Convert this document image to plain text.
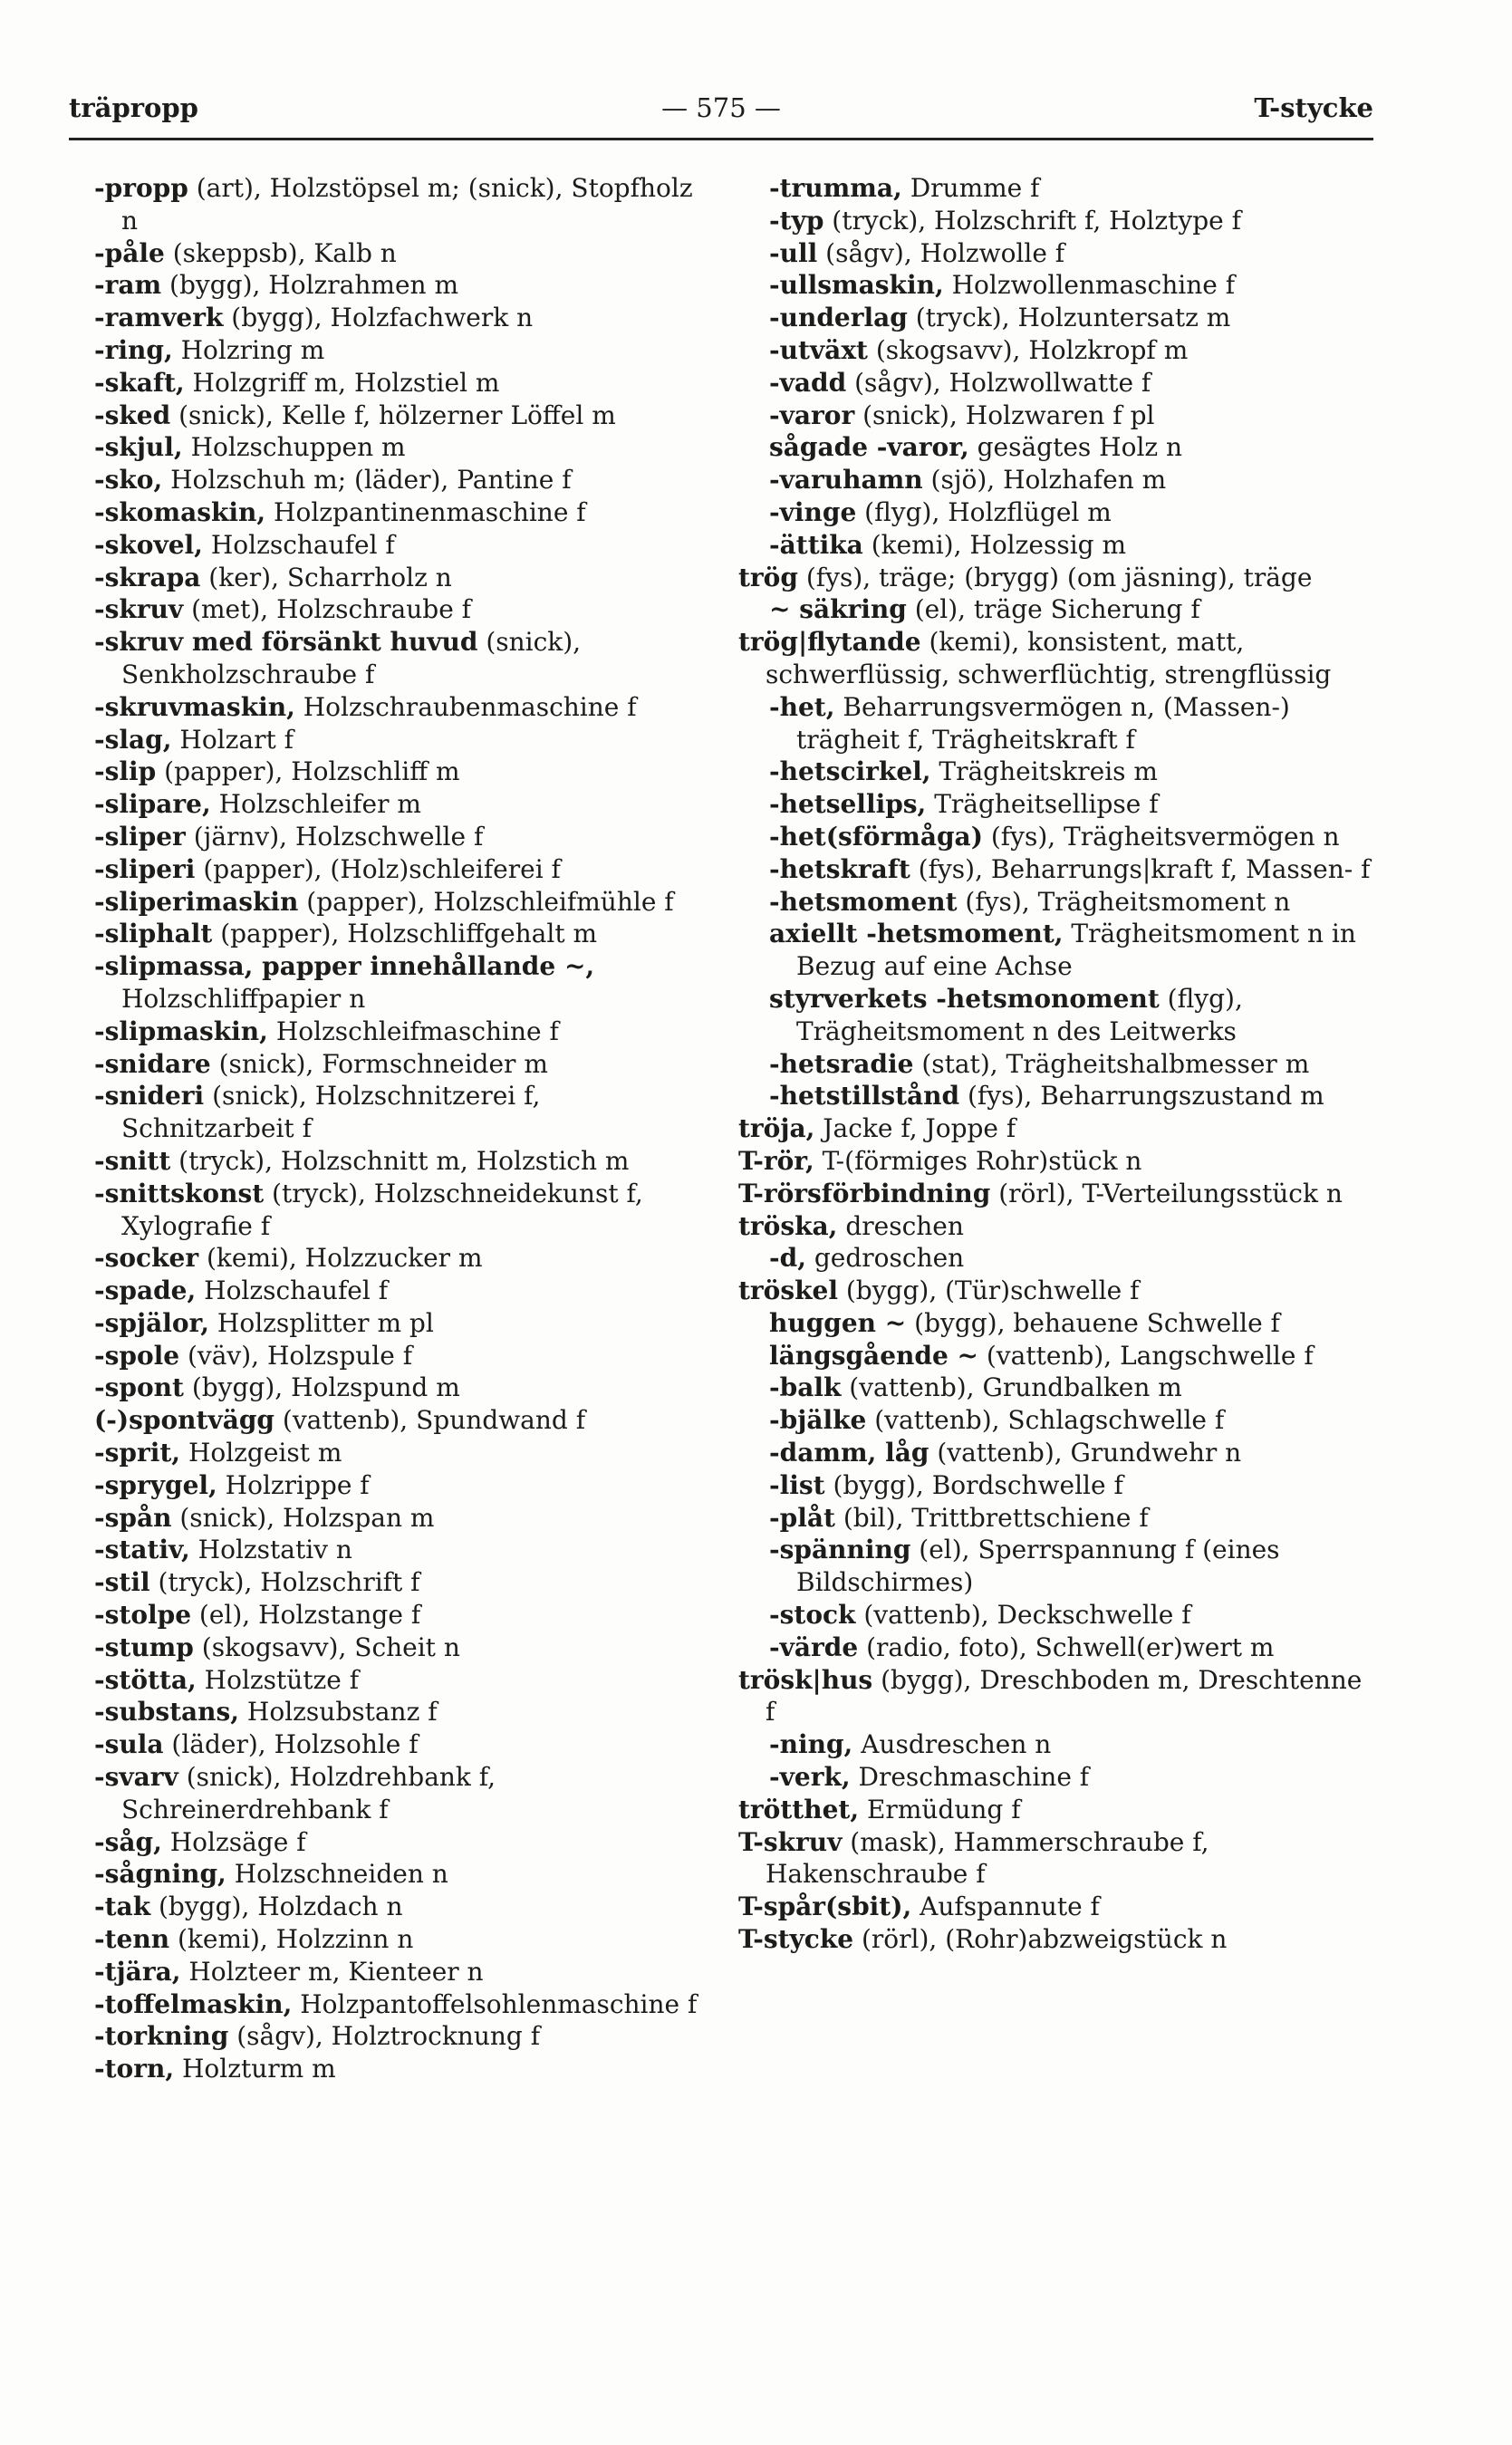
träpropp	— 575 —	T-stycke

-propp (art), Holzstöpsel m; (snick), Stopfholz n

-påle (skeppsb), Kalb n

-ram (bygg), Holzrahmen m

-ramverk (bygg), Holzfachwerk n

-ring, Holzring m

-skaft, Holzgriff m, Holzstiel m

-sked (snick), Kelle f, hölzerner Löffel m

-skjul, Holzschuppen m

-sko, Holzschuh m; (läder), Pantine f

-skomaskin, Holzpantinenmaschine f

-skovel, Holzschaufel f

-skrapa (ker), Scharrholz n

-skruv (met), Holzschraube f

-skruv med försänkt huvud (snick), Senkholzschraube f

-skruvmaskin, Holzschraubenmaschine f

-slag, Holzart f

-slip (papper), Holzschliff m

-slipare, Holzschleifer m

-sliper (järnv), Holzschwelle f

-sliperi (papper), (Holz)schleiferei f

-sliperimaskin (papper), Holzschleifmühle f

-sliphalt (papper), Holzschliffgehalt m

-slipmassa, papper innehållande ~, Holzschliffpapier n

-slipmaskin, Holzschleifmaschine f

-snidare (snick), Formschneider m

-snideri (snick), Holzschnitzerei f, Schnitzarbeit f

-snitt (tryck), Holzschnitt m, Holzstich m

-snittskonst (tryck), Holzschneidekunst f, Xylografie f

-socker (kemi), Holzzucker m

-spade, Holzschaufel f

-spjälor, Holzsplitter m pl

-spole (väv), Holzspule f

-spont (bygg), Holzspund m

(-)spontvägg (vattenb), Spundwand f

-sprit, Holzgeist m

-sprygel, Holzrippe f

-spån (snick), Holzspan m

-stativ, Holzstativ n

-stil (tryck), Holzschrift f

-stolpe (el), Holzstange f

-stump (skogsavv), Scheit n

-stötta, Holzstütze f

-substans, Holzsubstanz f

-sula (läder), Holzsohle f

-svarv (snick), Holzdrehbank f, Schreinerdrehbank f

-såg, Holzsäge f

-sågning, Holzschneiden n

-tak (bygg), Holzdach n

-tenn (kemi), Holzzinn n

-tjära, Holzteer m, Kienteer n

-toffelmaskin, Holzpantoffelsohlenmaschine f

-torkning (sågv), Holztrocknung f

-torn, Holzturm m

-trumma, Drumme f

-typ (tryck), Holzschrift f, Holztype f

-ull (sågv), Holzwolle f

-ullsmaskin, Holzwollenmaschine f

-underlag (tryck), Holzuntersatz m

-utväxt (skogsavv), Holzkropf m

-vadd (sågv), Holzwollwatte f

-varor (snick), Holzwaren f pl

sågade -varor, gesägtes Holz n

-varuhamn (sjö), Holzhafen m

-vinge (flyg), Holzflügel m

-ättika (kemi), Holzessig m

trög (fys), träge; (brygg) (om jäsning), träge

~ säkring (el), träge Sicherung f

trög|flytande (kemi), konsistent, matt, schwerflüssig, schwerflüchtig, strengflüssig

-het, Beharrungsvermögen n, (Massen-) trägheit f, Trägheitskraft f

-hetscirkel, Trägheitskreis m

-hetsellips, Trägheitsellipse f

-het(sförmåga) (fys), Trägheitsvermögen n

-hetskraft (fys), Beharrungs|kraft f, Massen- f

-hetsmoment (fys), Trägheitsmoment n

axiellt -hetsmoment, Trägheitsmoment n in Bezug auf eine Achse

styrverkets -hetsmonoment (flyg), Trägheitsmoment n des Leitwerks

-hetsradie (stat), Trägheitshalbmesser m

-hetstillstånd (fys), Beharrungszustand m

tröja, Jacke f, Joppe f

T-rör, T-(förmiges Rohr)stück n

T-rörsförbindning (rörl), T-Verteilungsstück n

tröska, dreschen

-d, gedroschen

tröskel (bygg), (Tür)schwelle f

huggen ~ (bygg), behauene Schwelle f

längsgående ~ (vattenb), Langschwelle f

-balk (vattenb), Grundbalken m

-bjälke (vattenb), Schlagschwelle f

-damm, låg (vattenb), Grundwehr n

-list (bygg), Bordschwelle f

-plåt (bil), Trittbrettschiene f

-spänning (el), Sperrspannung f (eines Bildschirmes)

-stock (vattenb), Deckschwelle f

-värde (radio, foto), Schwell(er)wert m

trösk|hus (bygg), Dreschboden m, Dreschtenne f

-ning, Ausdreschen n

-verk, Dreschmaschine f

trötthet, Ermüdung f

T-skruv (mask), Hammerschraube f, Hakenschraube f

T-spår(sbit), Aufspannute f

T-stycke (rörl), (Rohr)abzweigstück n
